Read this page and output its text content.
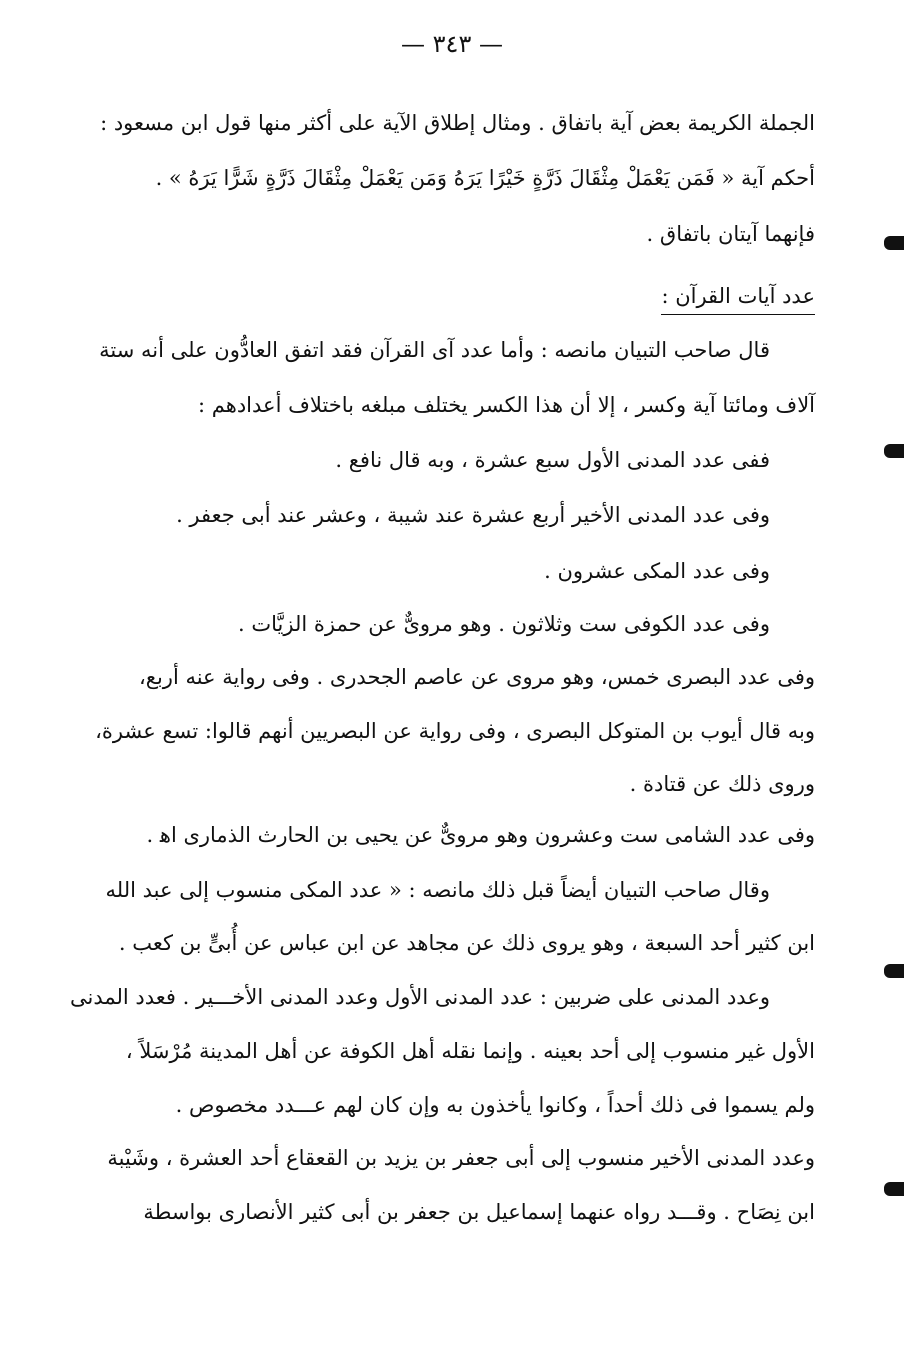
— ٣٤٣ —
الجملة الكريمة بعض آية باتفاق . ومثال إطلاق الآية على أكثر منها قول ابن مسعود :
أحكم آية « فَمَن يَعْمَلْ مِثْقَالَ ذَرَّةٍ خَيْرًا يَرَهُ وَمَن يَعْمَلْ مِثْقَالَ ذَرَّةٍ شَرًّا يَرَهُ » .
فإنهما آيتان باتفاق .
عدد آيات القرآن :
قال صاحب التبيان مانصه : وأما عدد آى القرآن فقد اتفق العادُّون على أنه ستة
آلاف ومائتا آية وكسر ، إلا أن هذا الكسر يختلف مبلغه باختلاف أعدادهم :
ففى عدد المدنى الأول سبع عشرة ، وبه قال نافع .
وفى عدد المدنى الأخير أربع عشرة عند شيبة ، وعشر عند أبى جعفر .
وفى عدد المكى عشرون .
وفى عدد الكوفى ست وثلاثون . وهو مروىٌّ عن حمزة الزيَّات .
وفى عدد البصرى خمس، وهو مروى عن عاصم الجحدرى . وفى رواية عنه أربع،
وبه قال أيوب بن المتوكل البصرى ، وفى رواية عن البصريين أنهم قالوا: تسع عشرة،
وروى ذلك عن قتادة .
وفى عدد الشامى ست وعشرون وهو مروىٌّ عن يحيى بن الحارث الذمارى اﻫ .
وقال صاحب التبيان أيضاً قبل ذلك مانصه : « عدد المكى منسوب إلى عبد الله
ابن كثير أحد السبعة ، وهو يروى ذلك عن مجاهد عن ابن عباس عن أُبىٍّ بن كعب .
وعدد المدنى على ضربين : عدد المدنى الأول وعدد المدنى الأخـــير . فعدد المدنى
الأول غير منسوب إلى أحد بعينه . وإنما نقله أهل الكوفة عن أهل المدينة مُرْسَلاً ،
ولم يسموا فى ذلك أحداً ، وكانوا يأخذون به وإن كان لهم عـــدد مخصوص .
وعدد المدنى الأخير منسوب إلى أبى جعفر بن يزيد بن القعقاع أحد العشرة ، وشَيْبة
ابن نِصَاح . وقـــد رواه عنهما إسماعيل بن جعفر بن أبى كثير الأنصارى بواسطة
